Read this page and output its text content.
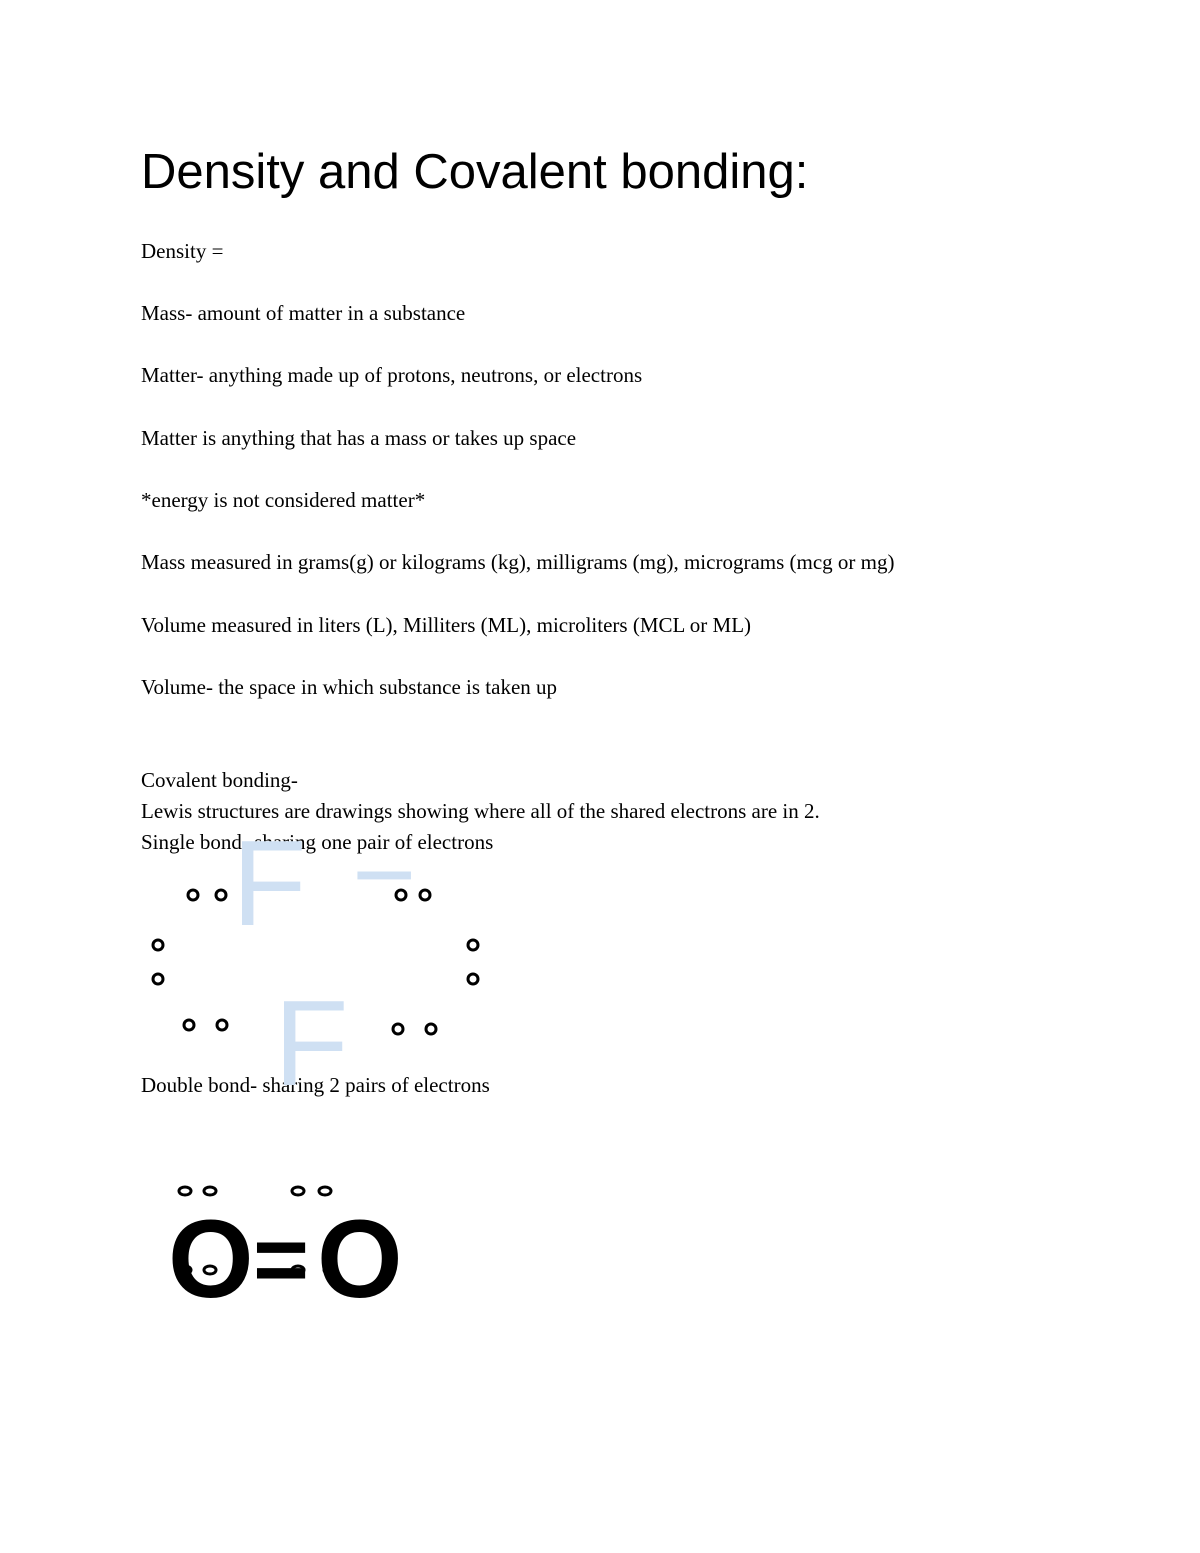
Density and Covalent bonding:
Density =
Mass- amount of matter in a substance
Matter- anything made up of protons, neutrons, or electrons
Matter is anything that has a mass or takes up space
*energy is not considered matter*
Mass measured in grams(g) or kilograms (kg), milligrams (mg), micrograms (mcg or mg)
Volume measured in liters (L), Milliters (ML), microliters (MCL or ML)
Volume- the space in which substance is taken up
Covalent bonding-
Lewis structures are drawings showing where all of the shared electrons are in 2.
Single bond- sharing one pair of electrons
F −
F
Double bond- sharing 2 pairs of electrons
O = O
